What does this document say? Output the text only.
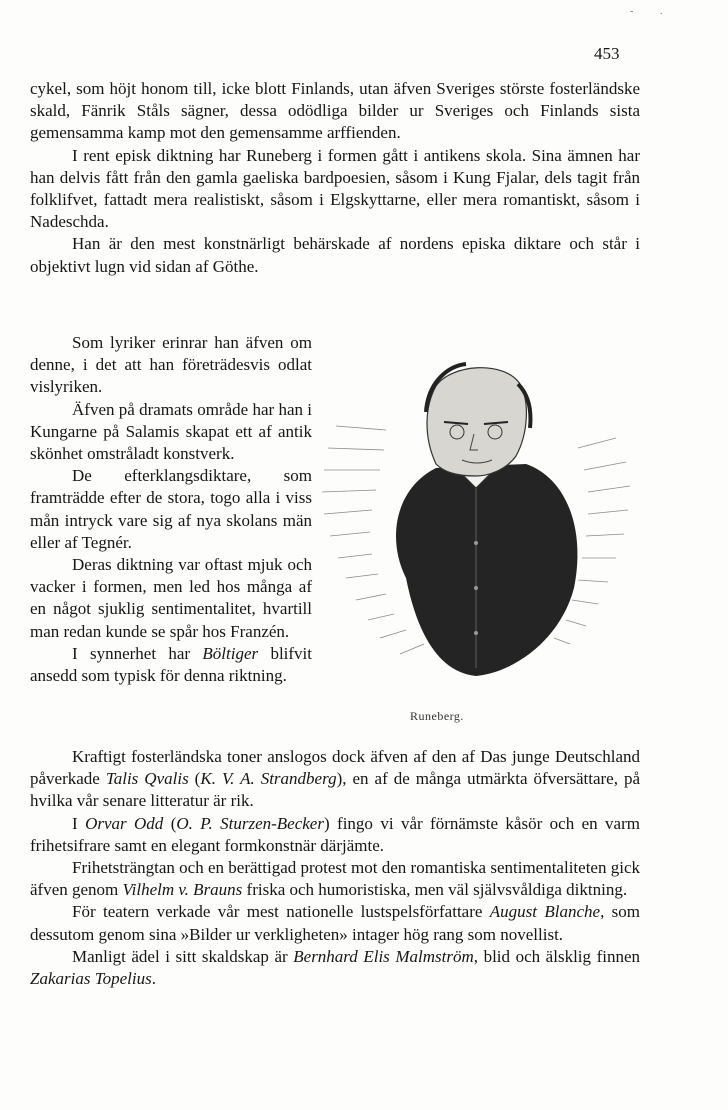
453
-	.

cykel, som höjt honom till, icke blott Finlands, utan äfven Sveriges störste fosterländske skald, Fänrik Ståls sägner, dessa odödliga bilder ur Sveriges och Finlands sista gemensamma kamp mot den gemensamme arffienden.

I rent episk diktning har Runeberg i formen gått i antikens skola. Sina ämnen har han delvis fått från den gamla gaeliska bardpoesien, såsom i Kung Fjalar, dels tagit från folklifvet, fattadt mera realistiskt, såsom i Elgskyttarne, eller mera romantiskt, såsom i Nadeschda.

Han är den mest konstnärligt behärskade af nordens episka diktare och står i objektivt lugn vid sidan af Göthe.

Som lyriker erinrar han äfven om denne, i det att han företrädesvis odlat vislyriken.

Äfven på dramats område har han i Kungarne på Salamis skapat ett af antik skönhet omstråladt konstverk.

De efterklangsdiktare, som framträdde efter de stora, togo alla i viss mån intryck vare sig af nya skolans män eller af Tegnér.

Deras diktning var oftast mjuk och vacker i formen, men led hos många af en något sjuklig sentimentalitet, hvartill man redan kunde se spår hos Franzén.

I synnerhet har Böltiger blifvit ansedd som typisk för denna riktning.

Runeberg.

Kraftigt fosterländska toner anslogos dock äfven af den af Das junge Deutschland påverkade Talis Qvalis (K. V. A. Strandberg), en af de många utmärkta öfversättare, på hvilka vår senare litteratur är rik.

I Orvar Odd (O. P. Sturzen-Becker) fingo vi vår förnämste kåsör och en varm frihetsifrare samt en elegant formkonstnär därjämte.

Frihetsträngtan och en berättigad protest mot den romantiska sentimentaliteten gick äfven genom Vilhelm v. Brauns friska och humoristiska, men väl självsvåldiga diktning.

För teatern verkade vår mest nationelle lustspelsförfattare August Blanche, som dessutom genom sina »Bilder ur verkligheten» intager hög rang som novellist.

Manligt ädel i sitt skaldskap är Bernhard Elis Malmström, blid och älsklig finnen Zakarias Topelius.
